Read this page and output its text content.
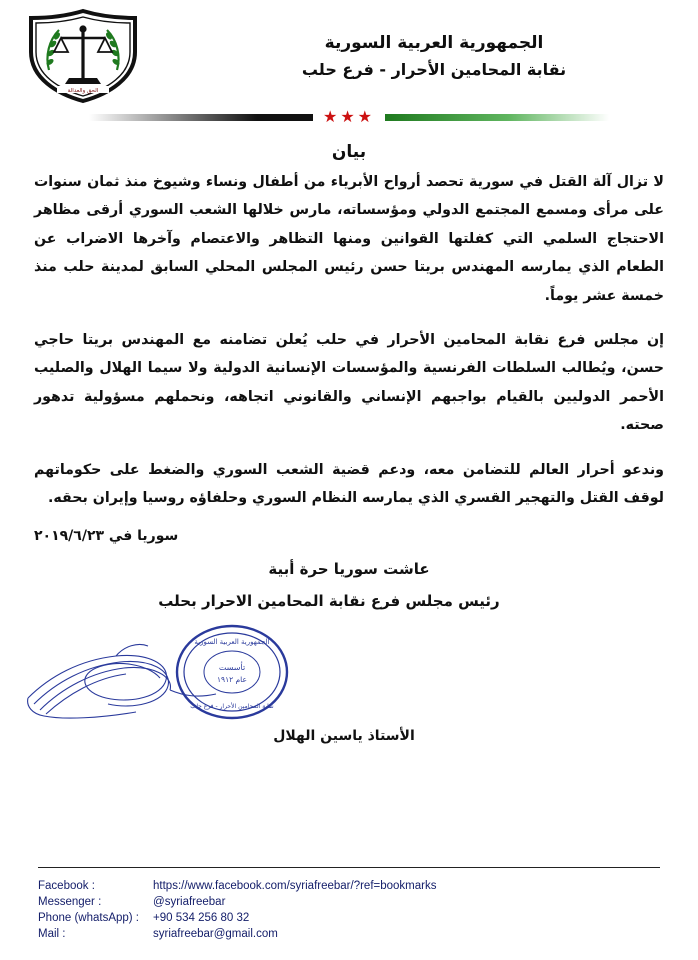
الحق والعدالة
الجمهورية العربية السورية
نقابة المحامين الأحرار - فرع حلب
★★★
بيان

لا تزال آلة القتل في سورية تحصد أرواح الأبرياء من أطفال ونساء وشيوخ منذ ثمان سنوات على مرأى ومسمع المجتمع الدولي ومؤسساته، مارس خلالها الشعب السوري أرقى مظاهر الاحتجاج السلمي التي كفلتها القوانين ومنها التظاهر والاعتصام وآخرها الاضراب عن الطعام الذي يمارسه المهندس بريتا حسن رئيس المجلس المحلي السابق لمدينة حلب منذ خمسة عشر يوماً.

إن مجلس فرع نقابة المحامين الأحرار في حلب يُعلن تضامنه مع المهندس بريتا حاجي حسن، ويُطالب السلطات الفرنسية والمؤسسات الإنسانية الدولية ولا سيما الهلال والصليب الأحمر الدوليين بالقيام بواجبهم الإنساني والقانوني اتجاهه، ونحملهم مسؤولية تدهور صحته.

وندعو أحرار العالم للتضامن معه، ودعم قضية الشعب السوري والضغط على حكوماتهم لوقف القتل والتهجير القسري الذي يمارسه النظام السوري وحلفاؤه روسيا وإيران بحقه.

سوريا في ٢٠١٩/٦/٢٣
عاشت سوريا حرة أبية
رئيس مجلس فرع نقابة المحامين الاحرار بحلب
الجمهورية العربية السورية
تأسست
عام ١٩١٢
نقابة المحامين الأحرار - فرع حلب
الأستاذ ياسين الهلال
Facebook :	https://www.facebook.com/syriafreebar/?ref=bookmarks
Messenger :	@syriafreebar
Phone (whatsApp) :	+90 534 256 80 32
Mail :	syriafreebar@gmail.com
